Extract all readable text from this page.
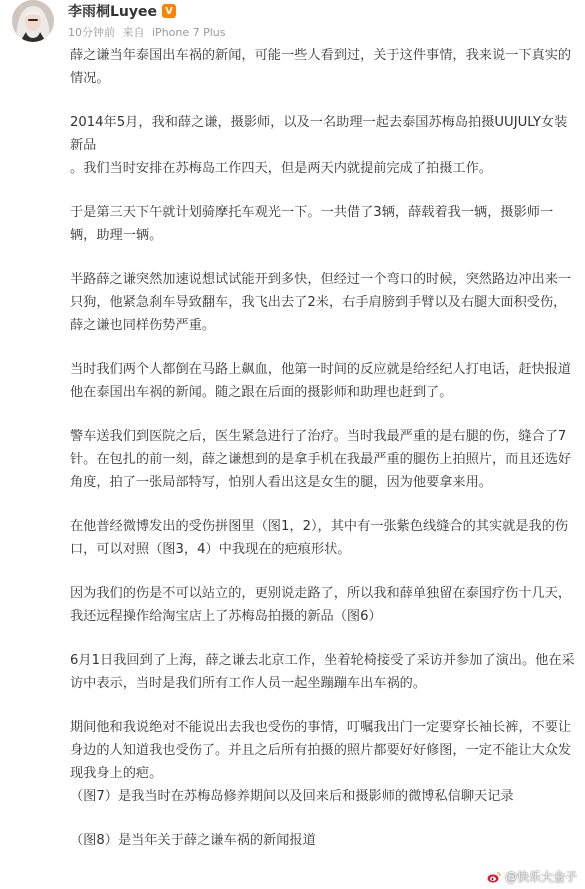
李雨桐Luyee V
10分钟前 来自 iPhone 7 Plus

薛之谦当年泰国出车祸的新闻，可能一些人看到过，关于这件事情，我来说一下真实的情况。

2014年5月，我和薛之谦，摄影师，以及一名助理一起去泰国苏梅岛拍摄UUJULY女装新品

。我们当时安排在苏梅岛工作四天，但是两天内就提前完成了拍摄工作。

于是第三天下午就计划骑摩托车观光一下。一共借了3辆，薛载着我一辆，摄影师一辆，助理一辆。

半路薛之谦突然加速说想试试能开到多快，但经过一个弯口的时候，突然路边冲出来一只狗，他紧急刹车导致翻车，我飞出去了2米，右手肩膀到手臂以及右腿大面积受伤，薛之谦也同样伤势严重。

当时我们两个人都倒在马路上飙血，他第一时间的反应就是给经纪人打电话，赶快报道他在泰国出车祸的新闻。随之跟在后面的摄影师和助理也赶到了。

警车送我们到医院之后，医生紧急进行了治疗。当时我最严重的是右腿的伤，缝合了7针。在包扎的前一刻，薛之谦想到的是拿手机在我最严重的腿伤上拍照片，而且还选好角度，拍了一张局部特写，怕别人看出这是女生的腿，因为他要拿来用。

在他普经微博发出的受伤拼图里（图1，2），其中有一张紫色线缝合的其实就是我的伤口，可以对照（图3，4）中我现在的疤痕形状。

因为我们的伤是不可以站立的，更别说走路了，所以我和薛单独留在泰国疗伤十几天，我还远程操作给淘宝店上了苏梅岛拍摄的新品（图6）

6月1日我回到了上海，薛之谦去北京工作，坐着轮椅接受了采访并参加了演出。他在采访中表示，当时是我们所有工作人员一起坐蹦蹦车出车祸的。

期间他和我说绝对不能说出去我也受伤的事情，叮嘱我出门一定要穿长袖长裤，不要让身边的人知道我也受伤了。并且之后所有拍摄的照片都要好好修图，一定不能让大众发现我身上的疤。

（图7）是我当时在苏梅岛修养期间以及回来后和摄影师的微博私信聊天记录

（图8）是当年关于薛之谦车祸的新闻报道

@快乐大金子
